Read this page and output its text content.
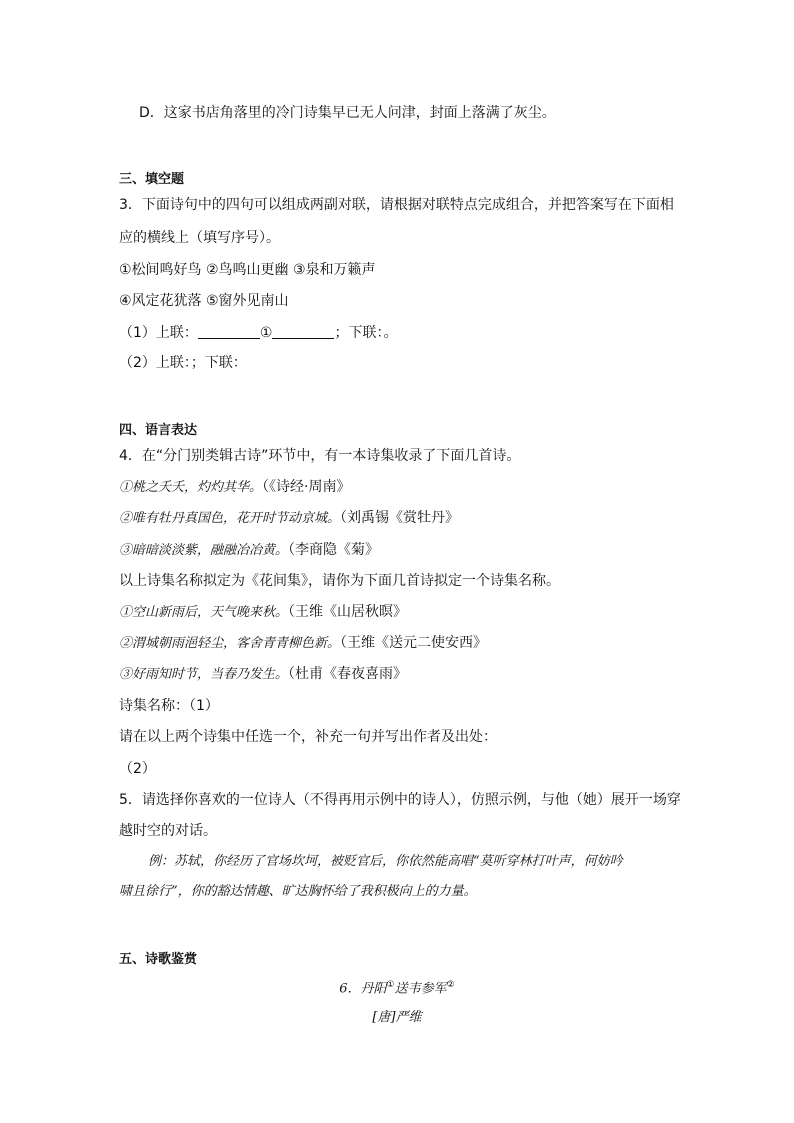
D．这家书店角落里的冷门诗集早已无人问津，封面上落满了灰尘。
三、填空题
3．下面诗句中的四句可以组成两副对联，请根据对联特点完成组合，并把答案写在下面相
应的横线上（填写序号）。
①松间鸣好鸟 ②鸟鸣山更幽 ③泉和万籁声
④风定花犹落 ⑤窗外见南山
（1）上联：	①	；下联：。
（2）上联：；下联：
四、语言表达
4．在“分门别类辑古诗”环节中，有一本诗集收录了下面几首诗。
①桃之夭夭，灼灼其华。（《诗经·周南》
②唯有牡丹真国色，花开时节动京城。（刘禹锡《赏牡丹》
③暗暗淡淡紫，融融冶冶黄。（李商隐《菊》
以上诗集名称拟定为《花间集》，请你为下面几首诗拟定一个诗集名称。
①空山新雨后，天气晚来秋。（王维《山居秋暝》
②渭城朝雨浥轻尘，客舍青青柳色新。（王维《送元二使安西》
③好雨知时节，当春乃发生。（杜甫《春夜喜雨》
诗集名称：（1）
请在以上两个诗集中任选一个，补充一句并写出作者及出处：
（2）
5．请选择你喜欢的一位诗人（不得再用示例中的诗人），仿照示例，与他（她）展开一场穿
越时空的对话。
例：苏轼，你经历了官场坎坷，被贬官后，你依然能高唱“莫听穿林打叶声，何妨吟
啸且徐行”，你的豁达情趣、旷达胸怀给了我积极向上的力量。
五、诗歌鉴赏
6．丹阳①送韦参军②
[唐]严维
